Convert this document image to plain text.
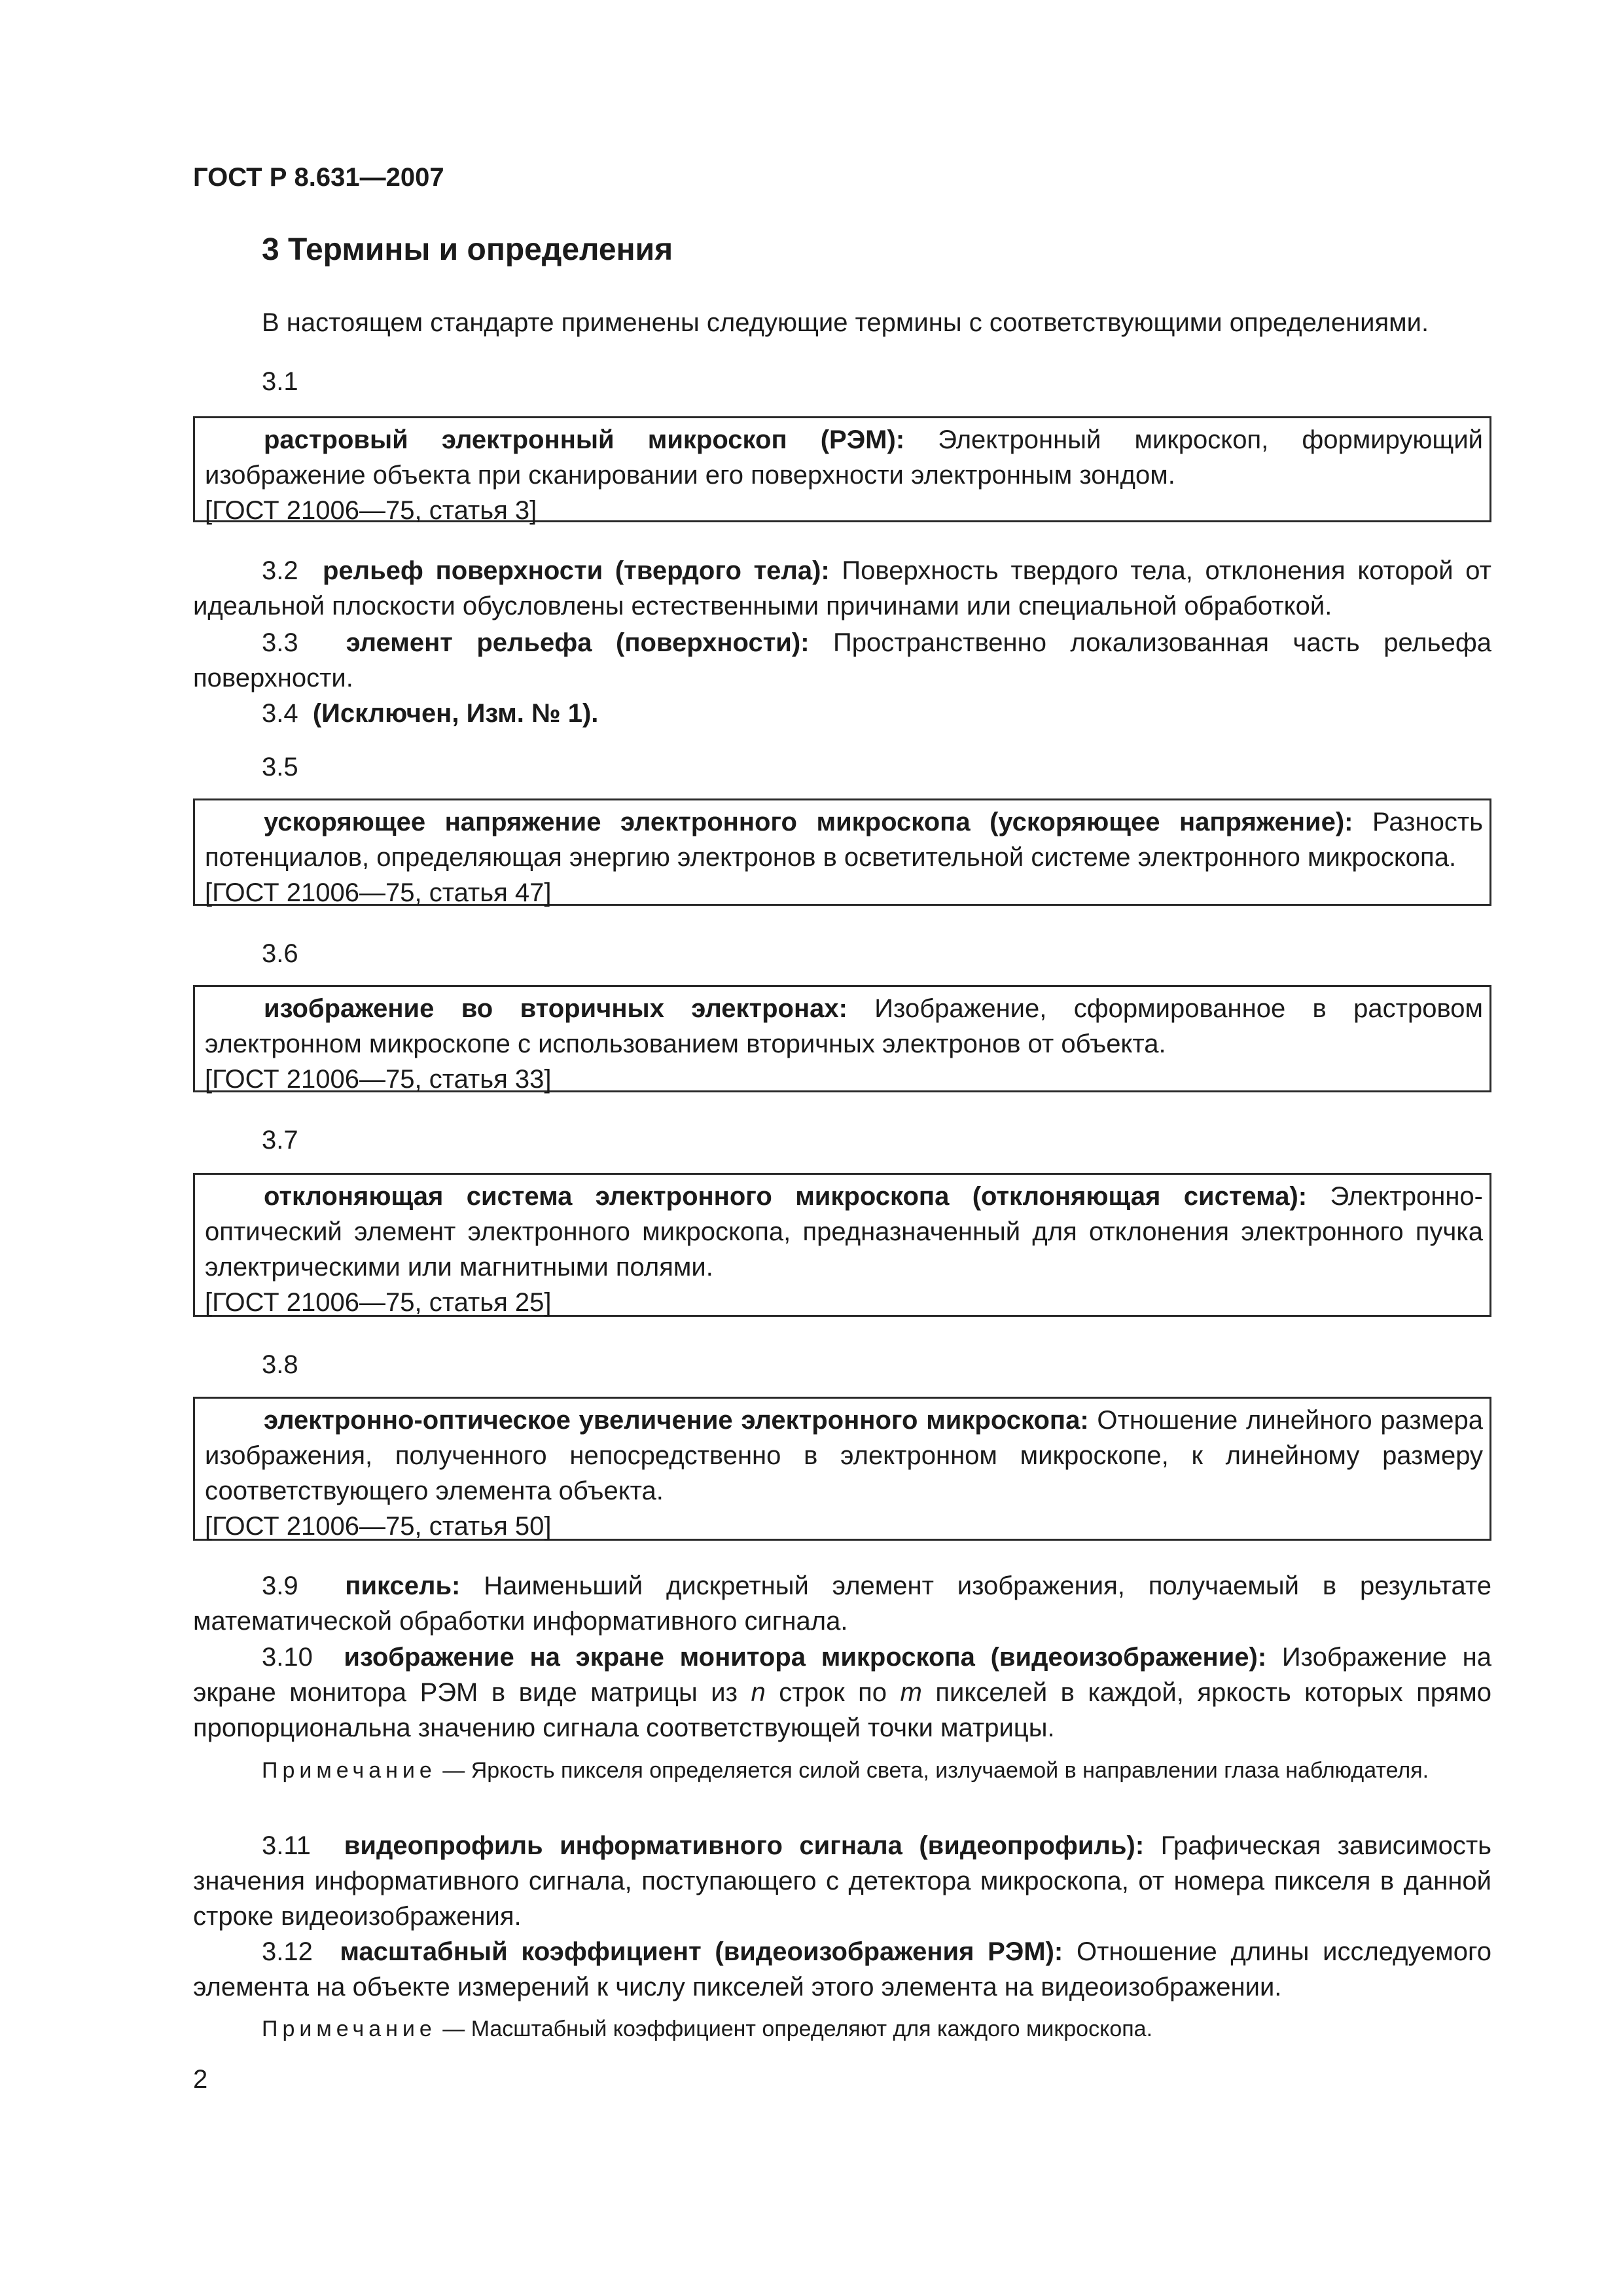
ГОСТ Р 8.631—2007
3 Термины и определения
В настоящем стандарте применены следующие термины с соответствующими определениями.
3.1

растровый электронный микроскоп (РЭМ): Электронный микроскоп, формирующий изображение объекта при сканировании его поверхности электронным зондом.

[ГОСТ 21006—75, статья 3]

3.2 рельеф поверхности (твердого тела): Поверхность твердого тела, отклонения которой от идеальной плоскости обусловлены естественными причинами или специальной обработкой.

3.3 элемент рельефа (поверхности): Пространственно локализованная часть рельефа поверхности.

3.4 (Исключен, Изм. № 1).

3.5

ускоряющее напряжение электронного микроскопа (ускоряющее напряжение): Разность потенциалов, определяющая энергию электронов в осветительной системе электронного микроскопа.

[ГОСТ 21006—75, статья 47]

3.6

изображение во вторичных электронах: Изображение, сформированное в растровом электронном микроскопе с использованием вторичных электронов от объекта.

[ГОСТ 21006—75, статья 33]

3.7

отклоняющая система электронного микроскопа (отклоняющая система): Электронно-оптический элемент электронного микроскопа, предназначенный для отклонения электронного пучка электрическими или магнитными полями.

[ГОСТ 21006—75, статья 25]

3.8

электронно-оптическое увеличение электронного микроскопа: Отношение линейного размера изображения, полученного непосредственно в электронном микроскопе, к линейному размеру соответствующего элемента объекта.

[ГОСТ 21006—75, статья 50]

3.9 пиксель: Наименьший дискретный элемент изображения, получаемый в результате математической обработки информативного сигнала.

3.10 изображение на экране монитора микроскопа (видеоизображение): Изображение на экране монитора РЭМ в виде матрицы из n строк по m пикселей в каждой, яркость которых прямо пропорциональна значению сигнала соответствующей точки матрицы.

Примечание — Яркость пикселя определяется силой света, излучаемой в направлении глаза наблюдателя.

3.11 видеопрофиль информативного сигнала (видеопрофиль): Графическая зависимость значения информативного сигнала, поступающего с детектора микроскопа, от номера пикселя в данной строке видеоизображения.

3.12 масштабный коэффициент (видеоизображения РЭМ): Отношение длины исследуемого элемента на объекте измерений к числу пикселей этого элемента на видеоизображении.

Примечание — Масштабный коэффициент определяют для каждого микроскопа.

2
